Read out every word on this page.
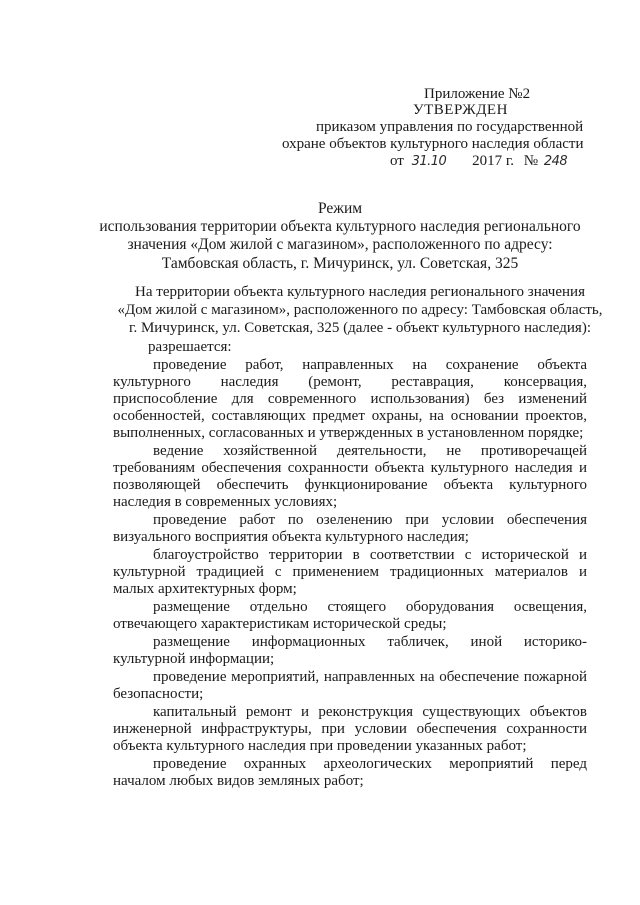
Приложение №2
УТВЕРЖДЕН
приказом управления по государственной
охране объектов культурного наследия области
от 31.10 2017 г. № 248
Режим
использования территории объекта культурного наследия регионального
значения «Дом жилой с магазином», расположенного по адресу:
Тамбовская область, г. Мичуринск, ул. Советская, 325
На территории объекта культурного наследия регионального значения
«Дом жилой с магазином», расположенного по адресу: Тамбовская область,
г. Мичуринск, ул. Советская, 325 (далее - объект культурного наследия):

разрешается:

проведение работ, направленных на сохранение объекта культурного наследия (ремонт, реставрация, консервация, приспособление для современного использования) без изменений особенностей, составляющих предмет охраны, на основании проектов, выполненных, согласованных и утвержденных в установленном порядке;

ведение хозяйственной деятельности, не противоречащей требованиям обеспечения сохранности объекта культурного наследия и позволяющей обеспечить функционирование объекта культурного наследия в современных условиях;

проведение работ по озеленению при условии обеспечения визуального восприятия объекта культурного наследия;

благоустройство территории в соответствии с исторической и культурной традицией с применением традиционных материалов и малых архитектурных форм;

размещение отдельно стоящего оборудования освещения, отвечающего характеристикам исторической среды;

размещение информационных табличек, иной историко-культурной информации;

проведение мероприятий, направленных на обеспечение пожарной безопасности;

капитальный ремонт и реконструкция существующих объектов инженерной инфраструктуры, при условии обеспечения сохранности объекта культурного наследия при проведении указанных работ;

проведение охранных археологических мероприятий перед началом любых видов земляных работ;
